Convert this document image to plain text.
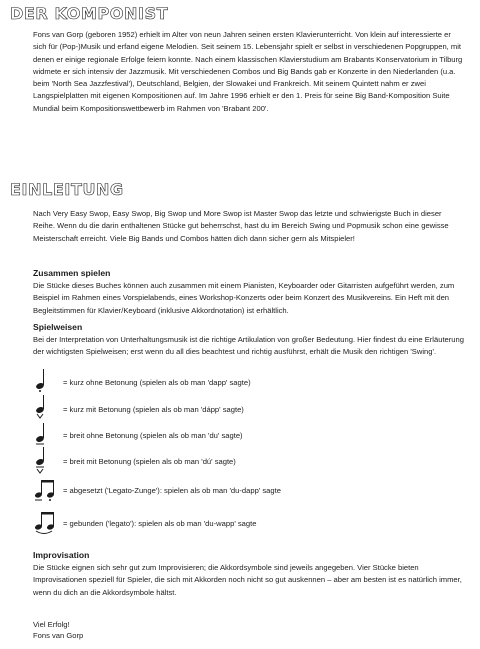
DER KOMPONIST
Fons van Gorp (geboren 1952) erhielt im Alter von neun Jahren seinen ersten Klavierunterricht. Von klein auf interessierte er sich für (Pop-)Musik und erfand eigene Melodien. Seit seinem 15. Lebensjahr spielt er selbst in verschiedenen Popgruppen, mit denen er einige regionale Erfolge feiern konnte. Nach einem klassischen Klavierstudium am Brabants Konservatorium in Tilburg widmete er sich intensiv der Jazzmusik. Mit verschiedenen Combos und Big Bands gab er Konzerte in den Niederlanden (u.a. beim 'North Sea Jazzfestival'), Deutschland, Belgien, der Slowakei und Frankreich. Mit seinem Quintett nahm er zwei Langspielplatten mit eigenen Kompositionen auf. Im Jahre 1996 erhielt er den 1. Preis für seine Big Band-Komposition Suite Mundial beim Kompositionswettbewerb im Rahmen von 'Brabant 200'.
EINLEITUNG
Nach Very Easy Swop, Easy Swop, Big Swop und More Swop ist Master Swop das letzte und schwierigste Buch in dieser Reihe. Wenn du die darin enthaltenen Stücke gut beherrschst, hast du im Bereich Swing und Popmusik schon eine gewisse Meisterschaft erreicht. Viele Big Bands und Combos hätten dich dann sicher gern als Mitspieler!
Zusammen spielen
Die Stücke dieses Buches können auch zusammen mit einem Pianisten, Keyboarder oder Gitarristen aufgeführt werden, zum Beispiel im Rahmen eines Vorspielabends, eines Workshop-Konzerts oder beim Konzert des Musikvereins. Ein Heft mit den Begleitstimmen für Klavier/Keyboard (inklusive Akkordnotation) ist erhältlich.
Spielweisen
Bei der Interpretation von Unterhaltungsmusik ist die richtige Artikulation von großer Bedeutung. Hier findest du eine Erläuterung der wichtigsten Spielweisen; erst wenn du all dies beachtest und richtig ausführst, erhält die Musik den richtigen 'Swing'.
= kurz ohne Betonung (spielen als ob man 'dapp' sagte)
= kurz mit Betonung (spielen als ob man 'dápp' sagte)
= breit ohne Betonung (spielen als ob man 'du' sagte)
= breit mit Betonung (spielen als ob man 'dú' sagte)
= abgesetzt ('Legato-Zunge'): spielen als ob man 'du-dapp' sagte
= gebunden ('legato'): spielen als ob man 'du-wapp' sagte
Improvisation
Die Stücke eignen sich sehr gut zum Improvisieren; die Akkordsymbole sind jeweils angegeben. Vier Stücke bieten Improvisationen speziell für Spieler, die sich mit Akkorden noch nicht so gut auskennen – aber am besten ist es natürlich immer, wenn du dich an die Akkordsymbole hältst.
Viel Erfolg!
Fons van Gorp
